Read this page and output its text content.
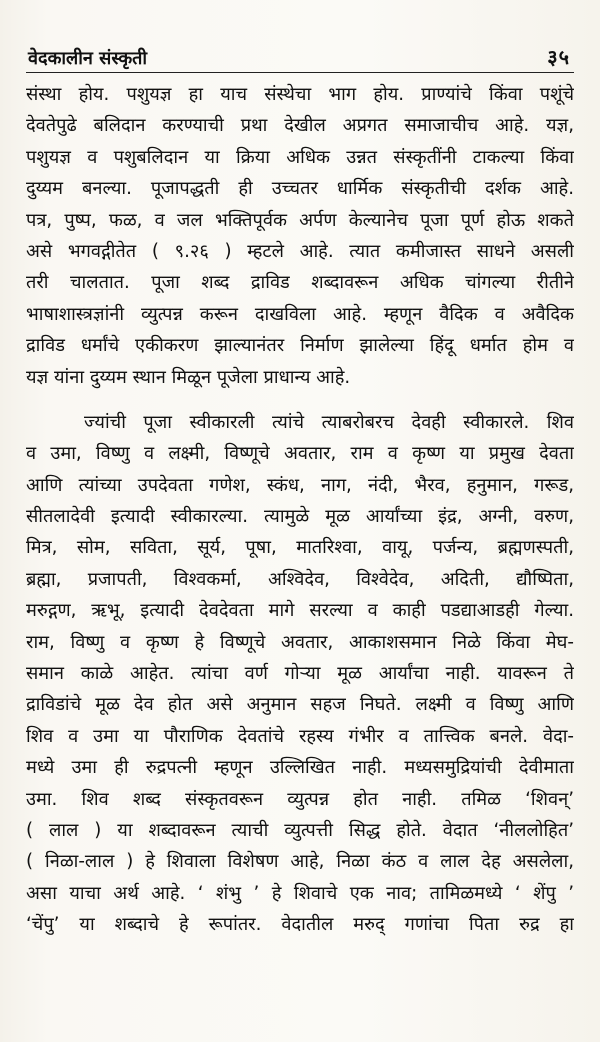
वेदकालीन संस्कृती	३५
संस्था होय. पशुयज्ञ हा याच संस्थेचा भाग होय. प्राण्यांचे किंवा पशूंचे
देवतेपुढे बलिदान करण्याची प्रथा देखील अप्रगत समाजाचीच आहे. यज्ञ,
पशुयज्ञ व पशुबलिदान या क्रिया अधिक उन्नत संस्कृतींनी टाकल्या किंवा
दुय्यम बनल्या. पूजापद्धती ही उच्चतर धार्मिक संस्कृतीची दर्शक आहे.
पत्र, पुष्प, फळ, व जल भक्तिपूर्वक अर्पण केल्यानेच पूजा पूर्ण होऊ शकते
असे भगवद्गीतेत ( ९.२६ ) म्हटले आहे. त्यात कमीजास्त साधने असली
तरी चालतात. पूजा शब्द द्राविड शब्दावरून अधिक चांगल्या रीतीने
भाषाशास्त्रज्ञांनी व्युत्पन्न करून दाखविला आहे. म्हणून वैदिक व अवैदिक
द्राविड धर्मांचे एकीकरण झाल्यानंतर निर्माण झालेल्या हिंदू धर्मात होम व
यज्ञ यांना दुय्यम स्थान मिळून पूजेला प्राधान्य आहे.
ज्यांची पूजा स्वीकारली त्यांचे त्याबरोबरच देवही स्वीकारले. शिव
व उमा, विष्णु व लक्ष्मी, विष्णूचे अवतार, राम व कृष्ण या प्रमुख देवता
आणि त्यांच्या उपदेवता गणेश, स्कंध, नाग, नंदी, भैरव, हनुमान, गरूड,
सीतलादेवी इत्यादी स्वीकारल्या. त्यामुळे मूळ आर्यांच्या इंद्र, अग्नी, वरुण,
मित्र, सोम, सविता, सूर्य, पूषा, मातरिश्वा, वायू, पर्जन्य, ब्रह्मणस्पती,
ब्रह्मा, प्रजापती, विश्वकर्मा, अश्विदेव, विश्वेदेव, अदिती, द्यौष्पिता,
मरुद्गण, ऋभू, इत्यादी देवदेवता मागे सरल्या व काही पडद्याआडही गेल्या.
राम, विष्णु व कृष्ण हे विष्णूचे अवतार, आकाशसमान निळे किंवा मेघ-
समान काळे आहेत. त्यांचा वर्ण गोऱ्या मूळ आर्यांचा नाही. यावरून ते
द्राविडांचे मूळ देव होत असे अनुमान सहज निघते. लक्ष्मी व विष्णु आणि
शिव व उमा या पौराणिक देवतांचे रहस्य गंभीर व तात्त्विक बनले. वेदा-
मध्ये उमा ही रुद्रपत्नी म्हणून उल्लिखित नाही. मध्यसमुद्रियांची देवीमाता
उमा. शिव शब्द संस्कृतवरून व्युत्पन्न होत नाही. तमिळ ‘शिवन्’
( लाल ) या शब्दावरून त्याची व्युत्पत्ती सिद्ध होते. वेदात ‘नीललोहित’
( निळा-लाल ) हे शिवाला विशेषण आहे, निळा कंठ व लाल देह असलेला,
असा याचा अर्थ आहे. ‘ शंभु ’ हे शिवाचे एक नाव; तामिळमध्ये ‘ शेंपु ’
‘चेंपु’ या शब्दाचे हे रूपांतर. वेदातील मरुद् गणांचा पिता रुद्र हा
